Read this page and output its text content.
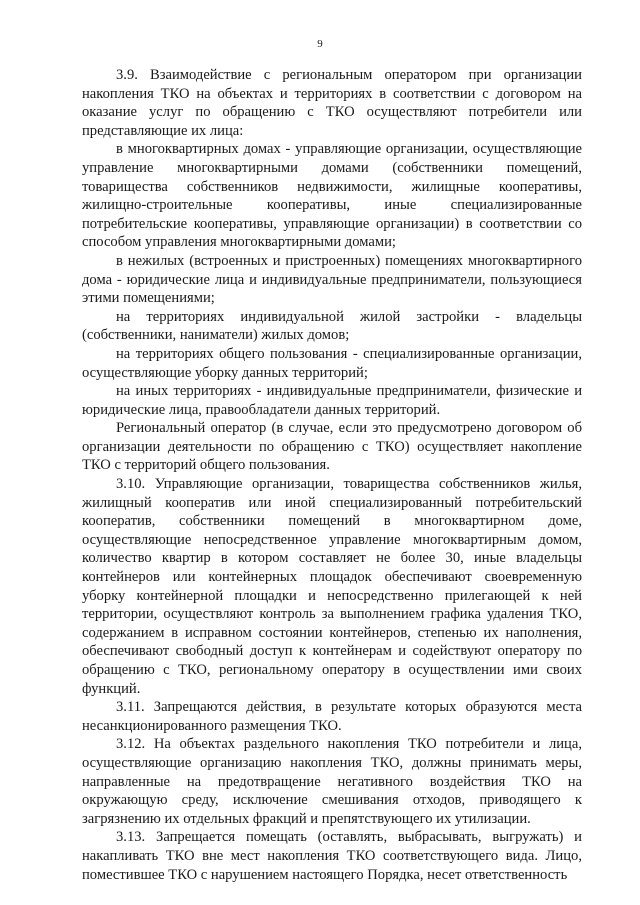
9

3.9. Взаимодействие с региональным оператором при организации накопления ТКО на объектах и территориях в соответствии с договором на оказание услуг по обращению с ТКО осуществляют потребители или представляющие их лица:

в многоквартирных домах - управляющие организации, осуществляющие управление многоквартирными домами (собственники помещений, товарищества собственников недвижимости, жилищные кооперативы, жилищно-строительные кооперативы, иные специализированные потребительские кооперативы, управляющие организации) в соответствии со способом управления многоквартирными домами;

в нежилых (встроенных и пристроенных) помещениях многоквартирного дома - юридические лица и индивидуальные предприниматели, пользующиеся этими помещениями;

на территориях индивидуальной жилой застройки - владельцы (собственники, наниматели) жилых домов;

на территориях общего пользования - специализированные организации, осуществляющие уборку данных территорий;

на иных территориях - индивидуальные предприниматели, физические и юридические лица, правообладатели данных территорий.

Региональный оператор (в случае, если это предусмотрено договором об организации деятельности по обращению с ТКО) осуществляет накопление ТКО с территорий общего пользования.

3.10. Управляющие организации, товарищества собственников жилья, жилищный кооператив или иной специализированный потребительский кооператив, собственники помещений в многоквартирном доме, осуществляющие непосредственное управление многоквартирным домом, количество квартир в котором составляет не более 30, иные владельцы контейнеров или контейнерных площадок обеспечивают своевременную уборку контейнерной площадки и непосредственно прилегающей к ней территории, осуществляют контроль за выполнением графика удаления ТКО, содержанием в исправном состоянии контейнеров, степенью их наполнения, обеспечивают свободный доступ к контейнерам и содействуют оператору по обращению с ТКО, региональному оператору в осуществлении ими своих функций.

3.11. Запрещаются действия, в результате которых образуются места несанкционированного размещения ТКО.

3.12. На объектах раздельного накопления ТКО потребители и лица, осуществляющие организацию накопления ТКО, должны принимать меры, направленные на предотвращение негативного воздействия ТКО на окружающую среду, исключение смешивания отходов, приводящего к загрязнению их отдельных фракций и препятствующего их утилизации.

3.13. Запрещается помещать (оставлять, выбрасывать, выгружать) и накапливать ТКО вне мест накопления ТКО соответствующего вида. Лицо, поместившее ТКО с нарушением настоящего Порядка, несет ответственность
